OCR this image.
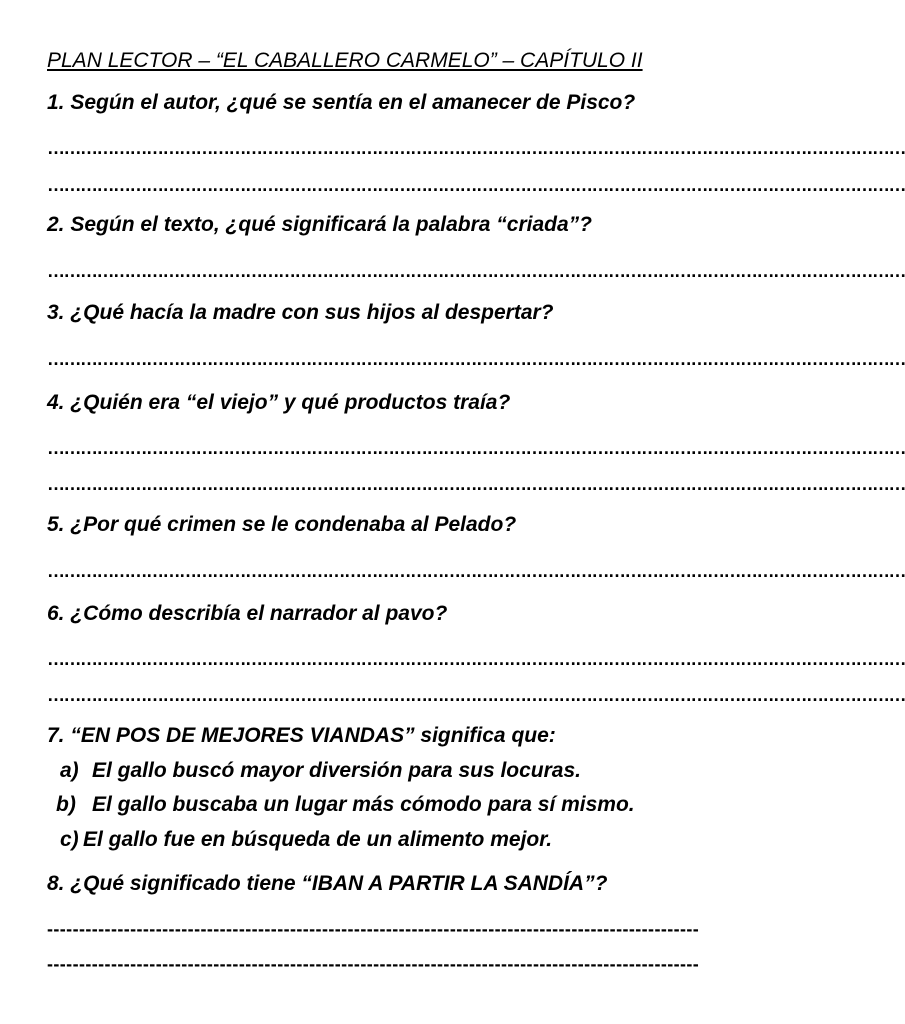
PLAN LECTOR – “EL CABALLERO CARMELO” – CAPÍTULO II
1. Según el autor, ¿qué se sentía en el amanecer de Pisco?
…………………………………………………………………………………………………………………………………………
…………………………………………………………………………………………………………………………………………
2. Según el texto, ¿qué significará la palabra “criada”?
…………………………………………………………………………………………………………………………………………
3. ¿Qué hacía la madre con sus hijos al despertar?
…………………………………………………………………………………………………………………………………………
4. ¿Quién era “el viejo” y qué productos traía?
…………………………………………………………………………………………………………………………………………
…………………………………………………………………………………………………………………………………………
5. ¿Por qué crimen se le condenaba al Pelado?
…………………………………………………………………………………………………………………………………………
6. ¿Cómo describía el narrador al pavo?
…………………………………………………………………………………………………………………………………………
…………………………………………………………………………………………………………………………………………
7. “EN POS DE MEJORES VIANDAS” significa que:
a) El gallo buscó mayor diversión para sus locuras.
b) El gallo buscaba un lugar más cómodo para sí mismo.
c) El gallo fue en búsqueda de un alimento mejor.
8. ¿Qué significado tiene “IBAN A PARTIR LA SANDÍA”?
------------------------------------------------------------------------------------------------------
------------------------------------------------------------------------------------------------------
